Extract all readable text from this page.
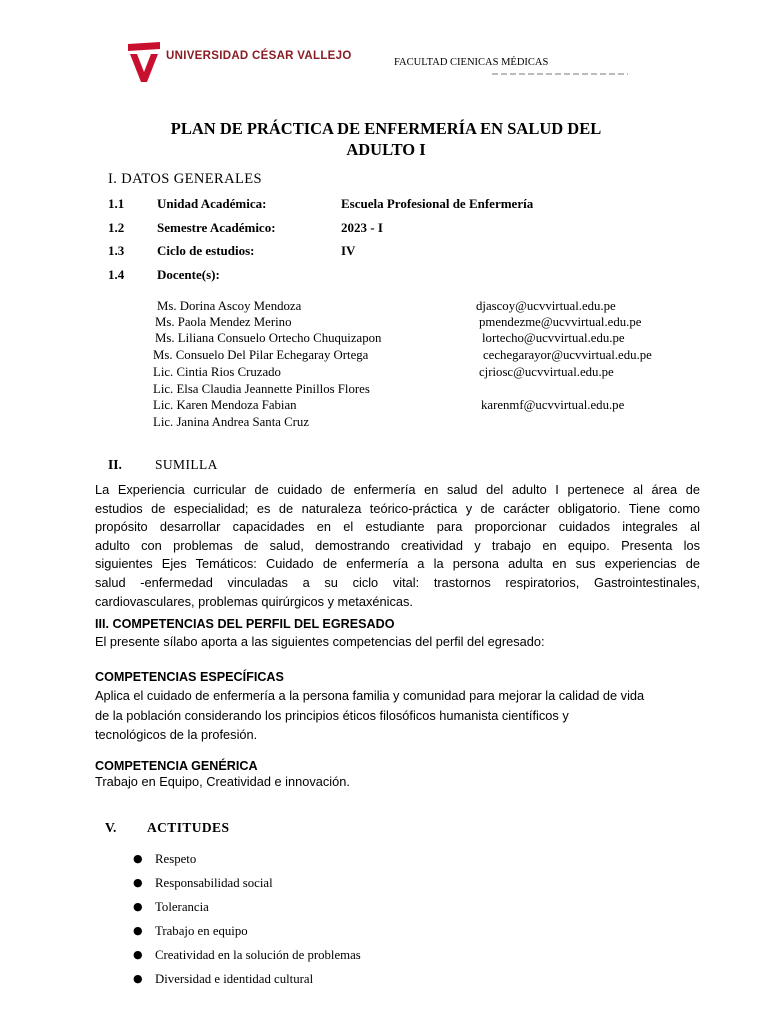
UNIVERSIDAD CÉSAR VALLEJO
FACULTAD CIENICAS MÉDICAS
PLAN DE PRÁCTICA DE ENFERMERÍA EN SALUD DEL
ADULTO I
I. DATOS GENERALES
1.1	Unidad Académica:	Escuela Profesional de Enfermería
1.2	Semestre Académico:	2023 - I
1.3	Ciclo de estudios:	IV
1.4	Docente(s):
Ms. Dorina Ascoy Mendoza	djascoy@ucvvirtual.edu.pe
Ms. Paola Mendez Merino	pmendezme@ucvvirtual.edu.pe
Ms. Liliana Consuelo Ortecho Chuquizapon	lortecho@ucvvirtual.edu.pe
Ms. Consuelo Del Pilar Echegaray Ortega	cechegarayor@ucvvirtual.edu.pe
Lic. Cintia Rios Cruzado	cjriosc@ucvvirtual.edu.pe
Lic. Elsa Claudia Jeannette Pinillos Flores
Lic. Karen Mendoza Fabian	karenmf@ucvvirtual.edu.pe
Lic. Janina Andrea Santa Cruz
II. SUMILLA
La Experiencia curricular de cuidado de enfermería en salud del adulto I pertenece al área de
estudios de especialidad; es de naturaleza teórico-práctica y de carácter obligatorio. Tiene como
propósito desarrollar capacidades en el estudiante para proporcionar cuidados integrales al
adulto con problemas de salud, demostrando creatividad y trabajo en equipo. Presenta los
siguientes Ejes Temáticos: Cuidado de enfermería a la persona adulta en sus experiencias de
salud -enfermedad vinculadas a su ciclo vital: trastornos respiratorios, Gastrointestinales,
cardiovasculares, problemas quirúrgicos y metaxénicas.
III. COMPETENCIAS DEL PERFIL DEL EGRESADO
El presente sílabo aporta a las siguientes competencias del perfil del egresado:
COMPETENCIAS ESPECÍFICAS
Aplica el cuidado de enfermería a la persona familia y comunidad para mejorar la calidad de vida
de la población considerando los principios éticos filosóficos humanista científicos y
tecnológicos de la profesión.
COMPETENCIA GENÉRICA
Trabajo en Equipo, Creatividad e innovación.
V. ACTITUDES
● Respeto
● Responsabilidad social
● Tolerancia
● Trabajo en equipo
● Creatividad en la solución de problemas
● Diversidad e identidad cultural
